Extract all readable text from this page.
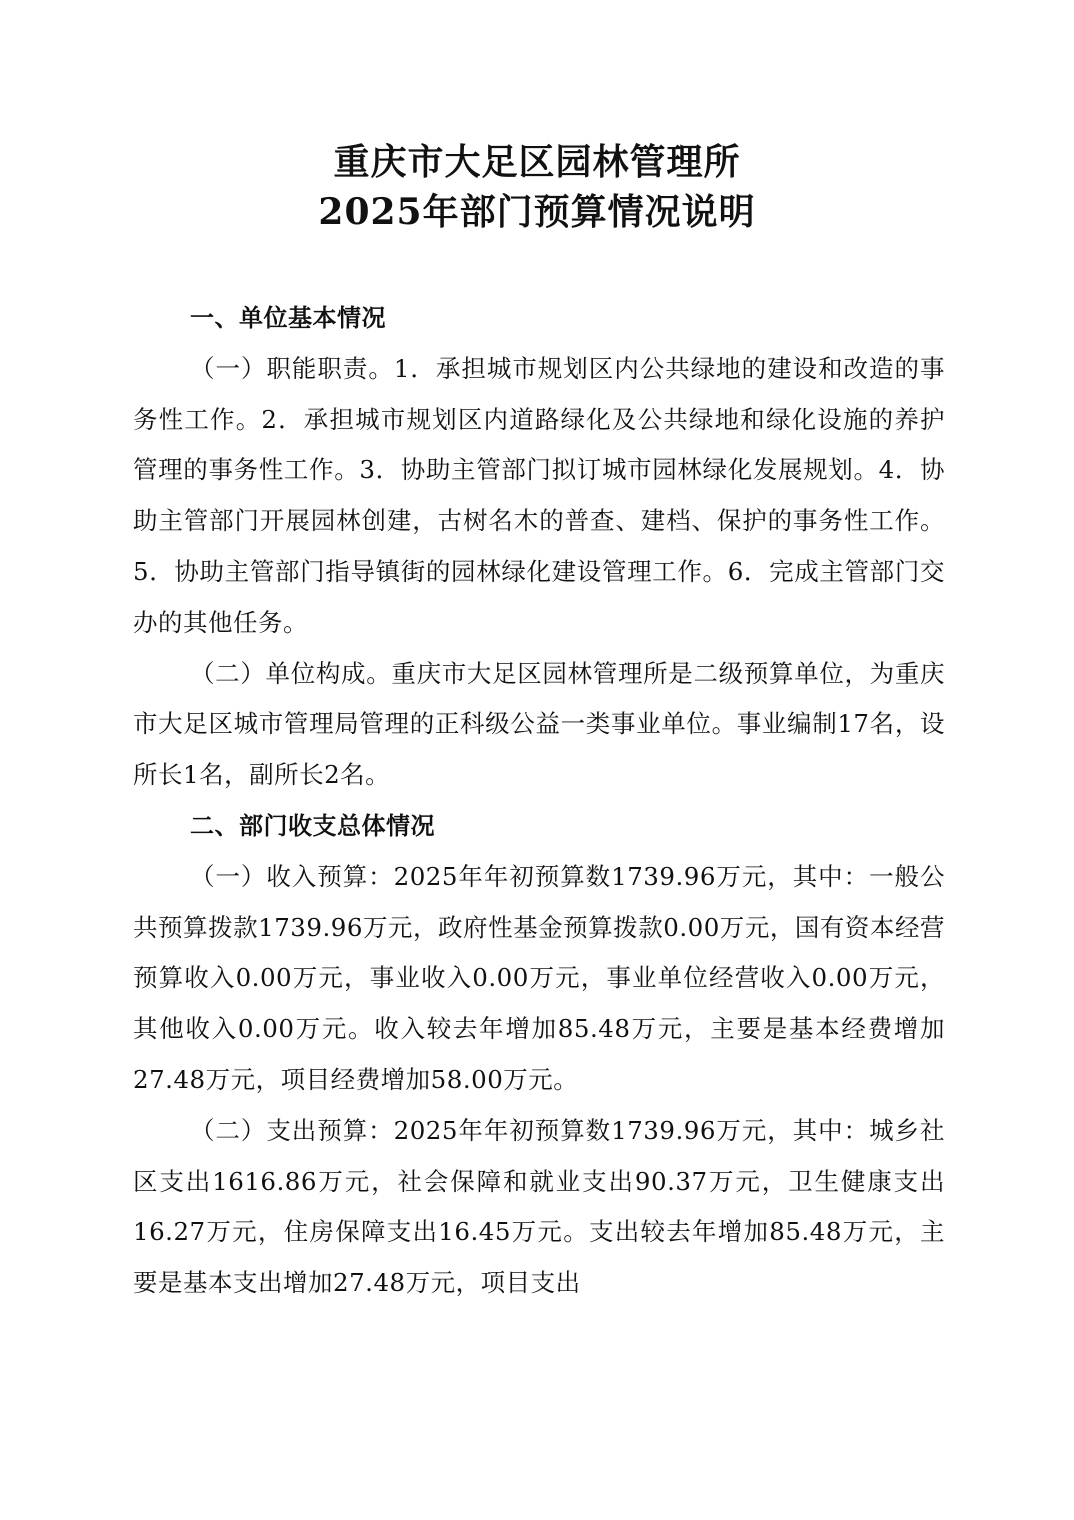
重庆市大足区园林管理所
2025年部门预算情况说明

一、单位基本情况

（一）职能职责。1．承担城市规划区内公共绿地的建设和改造的事务性工作。2．承担城市规划区内道路绿化及公共绿地和绿化设施的养护管理的事务性工作。3．协助主管部门拟订城市园林绿化发展规划。4．协助主管部门开展园林创建，古树名木的普查、建档、保护的事务性工作。5．协助主管部门指导镇街的园林绿化建设管理工作。6．完成主管部门交办的其他任务。

（二）单位构成。重庆市大足区园林管理所是二级预算单位，为重庆市大足区城市管理局管理的正科级公益一类事业单位。事业编制17名，设所长1名，副所长2名。

二、部门收支总体情况

（一）收入预算：2025年年初预算数1739.96万元，其中：一般公共预算拨款1739.96万元，政府性基金预算拨款0.00万元，国有资本经营预算收入0.00万元，事业收入0.00万元，事业单位经营收入0.00万元，其他收入0.00万元。收入较去年增加85.48万元，主要是基本经费增加27.48万元，项目经费增加58.00万元。

（二）支出预算：2025年年初预算数1739.96万元，其中：城乡社区支出1616.86万元，社会保障和就业支出90.37万元，卫生健康支出16.27万元，住房保障支出16.45万元。支出较去年增加85.48万元，主要是基本支出增加27.48万元，项目支出
